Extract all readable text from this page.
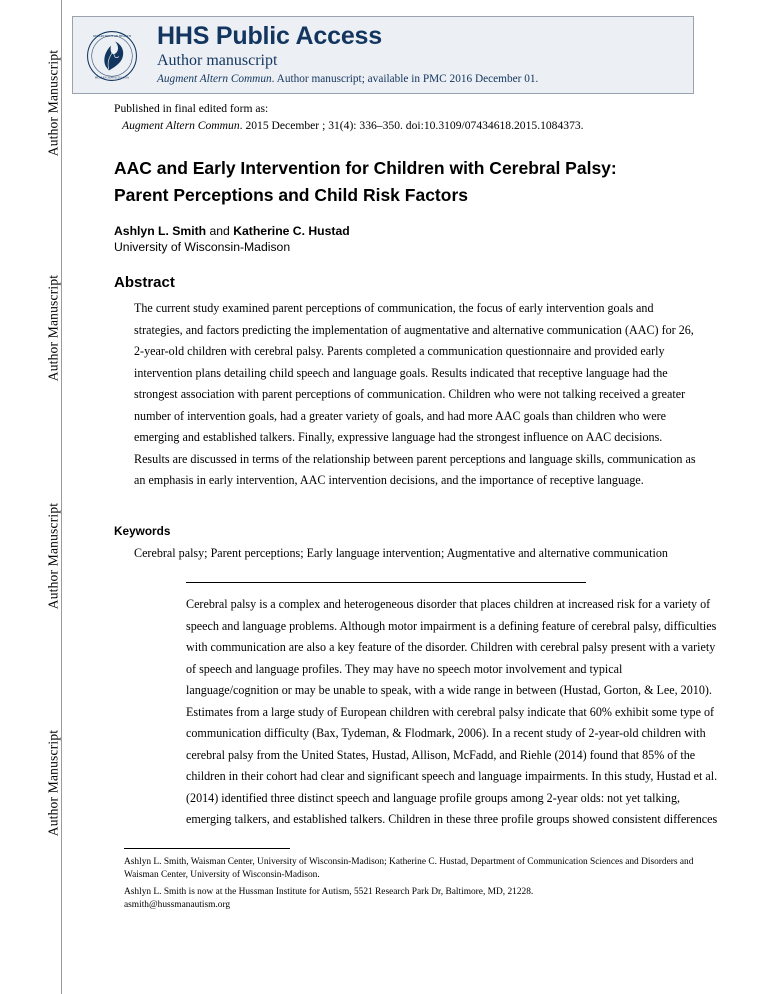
Author Manuscript
Author Manuscript
Author Manuscript
Author Manuscript
DEPARTMENT OF HEALTH
HUMAN SERVICES USA
HHS Public Access
Author manuscript
Augment Altern Commun. Author manuscript; available in PMC 2016 December 01.
Published in final edited form as:
Augment Altern Commun. 2015 December ; 31(4): 336–350. doi:10.3109/07434618.2015.1084373.
AAC and Early Intervention for Children with Cerebral Palsy:
Parent Perceptions and Child Risk Factors
Ashlyn L. Smith and Katherine C. Hustad
University of Wisconsin-Madison
Abstract
The current study examined parent perceptions of communication, the focus of early intervention goals and strategies, and factors predicting the implementation of augmentative and alternative communication (AAC) for 26, 2-year-old children with cerebral palsy. Parents completed a communication questionnaire and provided early intervention plans detailing child speech and language goals. Results indicated that receptive language had the strongest association with parent perceptions of communication. Children who were not talking received a greater number of intervention goals, had a greater variety of goals, and had more AAC goals than children who were emerging and established talkers. Finally, expressive language had the strongest influence on AAC decisions. Results are discussed in terms of the relationship between parent perceptions and language skills, communication as an emphasis in early intervention, AAC intervention decisions, and the importance of receptive language.
Keywords
Cerebral palsy; Parent perceptions; Early language intervention; Augmentative and alternative communication
Cerebral palsy is a complex and heterogeneous disorder that places children at increased risk for a variety of speech and language problems. Although motor impairment is a defining feature of cerebral palsy, difficulties with communication are also a key feature of the disorder. Children with cerebral palsy present with a variety of speech and language profiles. They may have no speech motor involvement and typical language/cognition or may be unable to speak, with a wide range in between (Hustad, Gorton, & Lee, 2010). Estimates from a large study of European children with cerebral palsy indicate that 60% exhibit some type of communication difficulty (Bax, Tydeman, & Flodmark, 2006). In a recent study of 2-year-old children with cerebral palsy from the United States, Hustad, Allison, McFadd, and Riehle (2014) found that 85% of the children in their cohort had clear and significant speech and language impairments. In this study, Hustad et al. (2014) identified three distinct speech and language profile groups among 2-year olds: not yet talking, emerging talkers, and established talkers. Children in these three profile groups showed consistent differences

Ashlyn L. Smith, Waisman Center, University of Wisconsin-Madison; Katherine C. Hustad, Department of Communication Sciences and Disorders and Waisman Center, University of Wisconsin-Madison.

Ashlyn L. Smith is now at the Hussman Institute for Autism, 5521 Research Park Dr, Baltimore, MD, 21228.

asmith@hussmanautism.org
